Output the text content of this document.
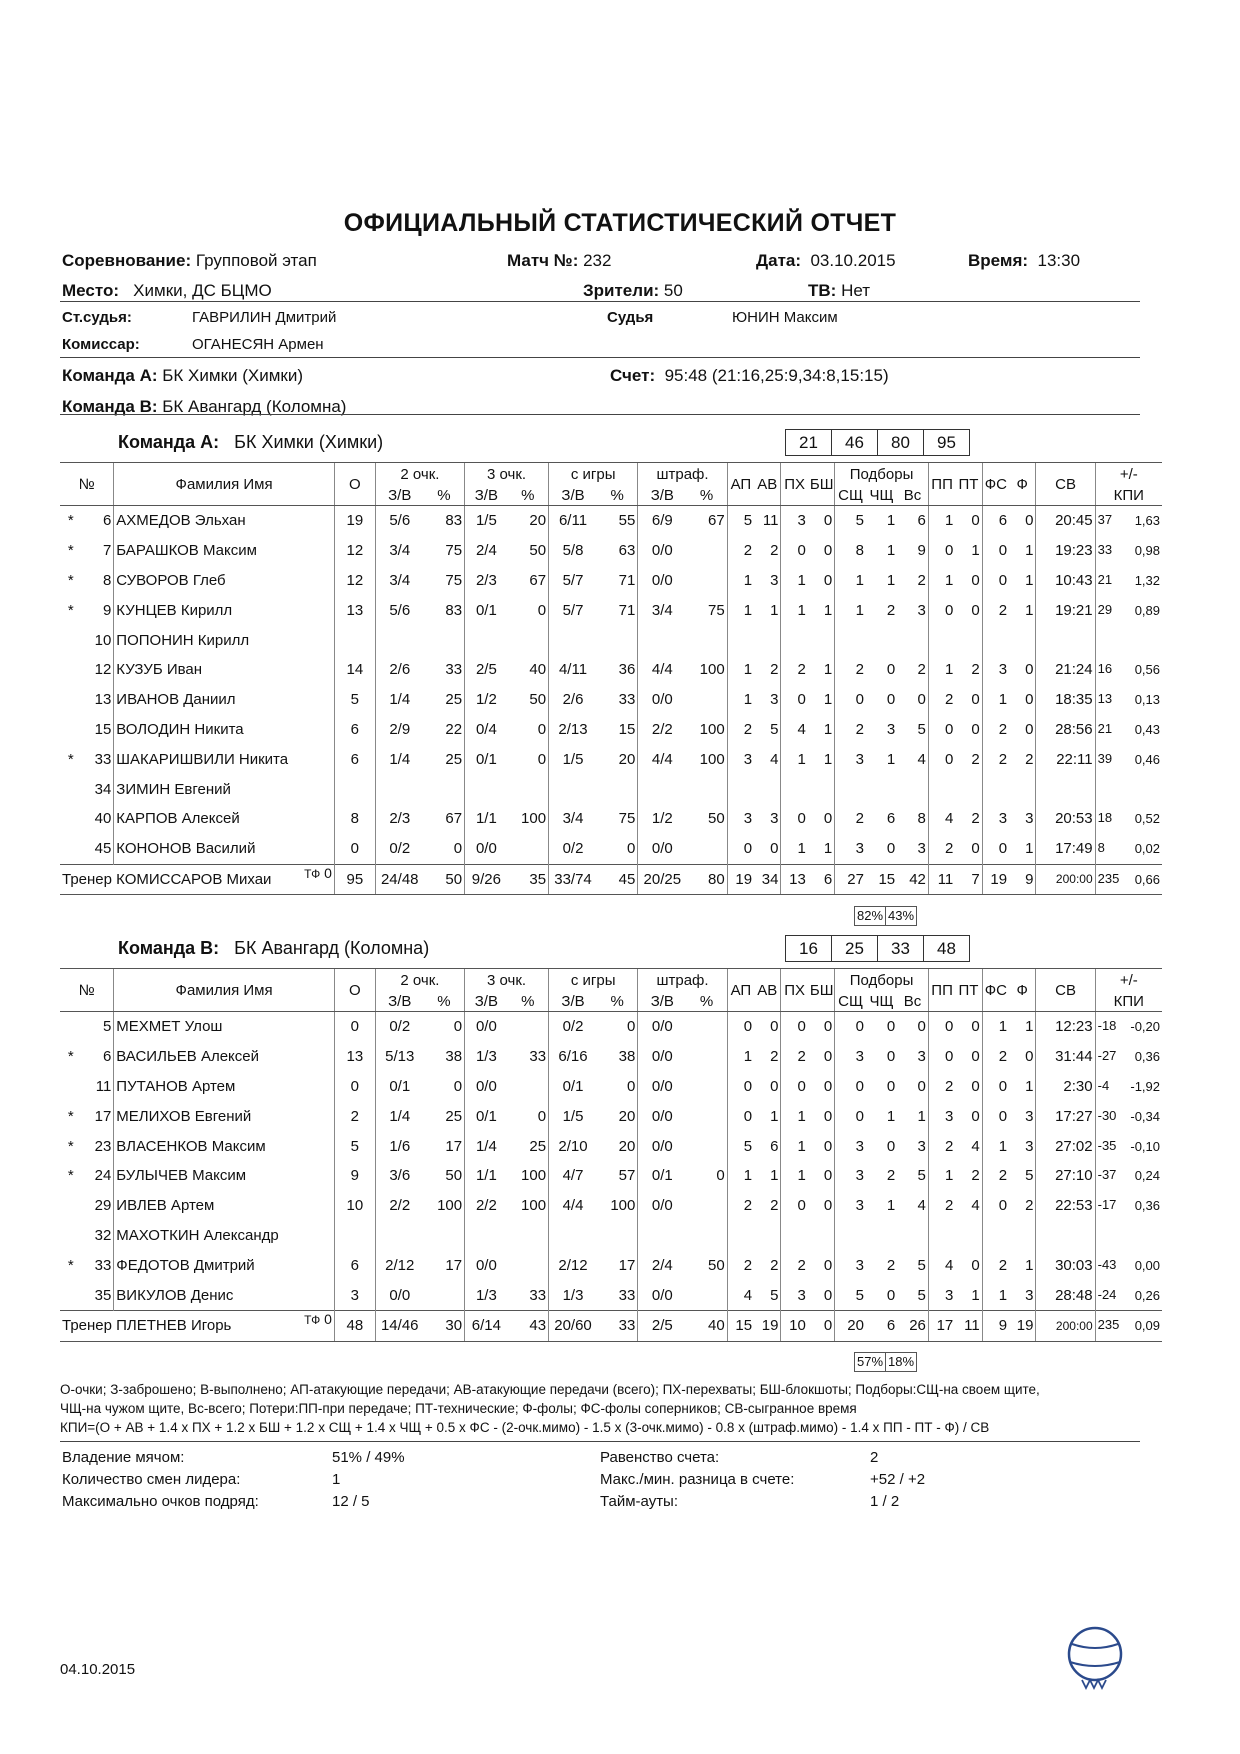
ОФИЦИАЛЬНЫЙ СТАТИСТИЧЕСКИЙ ОТЧЕТ
Соревнование: Групповой этап	Матч №: 232	Дата: 03.10.2015	Время: 13:30
Место: Химки, ДС БЦМО	Зрители: 50	ТВ: Нет
Ст.судья:	ГАВРИЛИН Дмитрий	Судья	ЮНИН Максим
Комиссар:	ОГАНЕСЯН Армен
Команда А: БК Химки (Химки)	Счет: 95:48 (21:16,25:9,34:8,15:15)
Команда В: БК Авангард (Коломна)
Команда А: БК Химки (Химки)	21	46	80	95
№		Фамилия Имя	О	2 очк.		3 очк.		с игры		штраф.		АП	АВ	ПХ	БШ	Подборы			ПП	ПТ	ФС	Ф	СВ	+/-	
				З/В	%	З/В	%	З/В	%	З/В	%					СЩ	ЧЩ	Вс						КПИ	
*	6	АХМЕДОВ Эльхан	19	5/6	83	1/5	20	6/11	55	6/9	67	5	11	3	0	5	1	6	1	0	6	0	20:45	37	1,63
*	7	БАРАШКОВ Максим	12	3/4	75	2/4	50	5/8	63	0/0		2	2	0	0	8	1	9	0	1	0	1	19:23	33	0,98
*	8	СУВОРОВ Глеб	12	3/4	75	2/3	67	5/7	71	0/0		1	3	1	0	1	1	2	1	0	0	1	10:43	21	1,32
*	9	КУНЦЕВ Кирилл	13	5/6	83	0/1	0	5/7	71	3/4	75	1	1	1	1	1	2	3	0	0	2	1	19:21	29	0,89
	10	ПОПОНИН Кирилл																							
	12	КУЗУБ Иван	14	2/6	33	2/5	40	4/11	36	4/4	100	1	2	2	1	2	0	2	1	2	3	0	21:24	16	0,56
	13	ИВАНОВ Даниил	5	1/4	25	1/2	50	2/6	33	0/0		1	3	0	1	0	0	0	2	0	1	0	18:35	13	0,13
	15	ВОЛОДИН Никита	6	2/9	22	0/4	0	2/13	15	2/2	100	2	5	4	1	2	3	5	0	0	2	0	28:56	21	0,43
*	33	ШАКАРИШВИЛИ Никита	6	1/4	25	0/1	0	1/5	20	4/4	100	3	4	1	1	3	1	4	0	2	2	2	22:11	39	0,46
	34	ЗИМИН Евгений																							
	40	КАРПОВ Алексей	8	2/3	67	1/1	100	3/4	75	1/2	50	3	3	0	0	2	6	8	4	2	3	3	20:53	18	0,52
	45	КОНОНОВ Василий	0	0/2	0	0/0		0/2	0	0/0		0	0	1	1	3	0	3	2	0	0	1	17:49	8	0,02
Тренер КОМИССАРОВ Михаи ТФ 0			95	24/48	50	9/26	35	33/74	45	20/25	80	19	34	13	6	27	15	42	11	7	19	9	200:00	235	0,66
82% 43%
Команда В: БК Авангард (Коломна)	16	25	33	48
№		Фамилия Имя	О	2 очк.		3 очк.		с игры		штраф.		АП	АВ	ПХ	БШ	Подборы			ПП	ПТ	ФС	Ф	СВ	+/-	
				З/В	%	З/В	%	З/В	%	З/В	%					СЩ	ЧЩ	Вс						КПИ	
	5	МЕХМЕТ Улош	0	0/2	0	0/0		0/2	0	0/0		0	0	0	0	0	0	0	0	0	1	1	12:23	-18	-0,20
*	6	ВАСИЛЬЕВ Алексей	13	5/13	38	1/3	33	6/16	38	0/0		1	2	2	0	3	0	3	0	0	2	0	31:44	-27	0,36
	11	ПУТАНОВ Артем	0	0/1	0	0/0		0/1	0	0/0		0	0	0	0	0	0	0	2	0	0	1	2:30	-4	-1,92
*	17	МЕЛИХОВ Евгений	2	1/4	25	0/1	0	1/5	20	0/0		0	1	1	0	0	1	1	3	0	0	3	17:27	-30	-0,34
*	23	ВЛАСЕНКОВ Максим	5	1/6	17	1/4	25	2/10	20	0/0		5	6	1	0	3	0	3	2	4	1	3	27:02	-35	-0,10
*	24	БУЛЫЧЕВ Максим	9	3/6	50	1/1	100	4/7	57	0/1	0	1	1	1	0	3	2	5	1	2	2	5	27:10	-37	0,24
	29	ИВЛЕВ Артем	10	2/2	100	2/2	100	4/4	100	0/0		2	2	0	0	3	1	4	2	4	0	2	22:53	-17	0,36
	32	МАХОТКИН Александр																							
*	33	ФЕДОТОВ Дмитрий	6	2/12	17	0/0		2/12	17	2/4	50	2	2	2	0	3	2	5	4	0	2	1	30:03	-43	0,00
	35	ВИКУЛОВ Денис	3	0/0		1/3	33	1/3	33	0/0		4	5	3	0	5	0	5	3	1	1	3	28:48	-24	0,26
Тренер ПЛЕТНЕВ Игорь ТФ 0			48	14/46	30	6/14	43	20/60	33	2/5	40	15	19	10	0	20	6	26	17	11	9	19	200:00	235	0,09
57% 18%
О-очки; З-заброшено; В-выполнено; АП-атакующие передачи; АВ-атакующие передачи (всего); ПХ-перехваты; БШ-блокшоты; Подборы:СЩ-на своем щите,
ЧЩ-на чужом щите, Вс-всего; Потери:ПП-при передаче; ПТ-технические; Ф-фолы; ФС-фолы соперников; СВ-сыгранное время
КПИ=(О + АВ + 1.4 х ПХ + 1.2 х БШ + 1.2 х СЩ + 1.4 х ЧЩ + 0.5 х ФС - (2-очк.мимо) - 1.5 х (3-очк.мимо) - 0.8 х (штраф.мимо) - 1.4 х ПП - ПТ - Ф) / СВ
Владение мячом:	51% / 49%
Количество смен лидера:	1
Максимально очков подряд:	12 / 5
Равенство счета:	2
Макс./мин. разница в счете:	+52 / +2
Тайм-ауты:	1 / 2
04.10.2015
